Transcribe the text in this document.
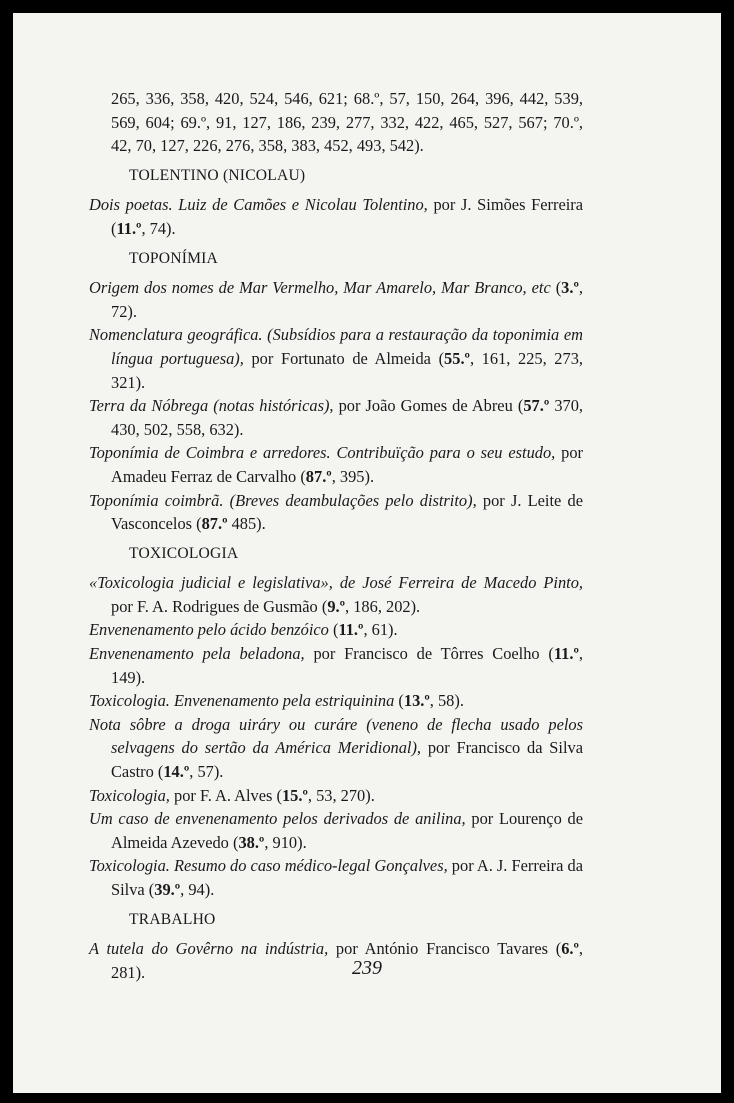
265, 336, 358, 420, 524, 546, 621; 68.º, 57, 150, 264, 396, 442, 539, 569, 604; 69.º, 91, 127, 186, 239, 277, 332, 422, 465, 527, 567; 70.º, 42, 70, 127, 226, 276, 358, 383, 452, 493, 542).

TOLENTINO (NICOLAU)

Dois poetas. Luiz de Camões e Nicolau Tolentino, por J. Simões Ferreira (11.º, 74).

TOPONÍMIA

Origem dos nomes de Mar Vermelho, Mar Amarelo, Mar Branco, etc (3.º, 72).

Nomenclatura geográfica. (Subsídios para a restauração da toponimia em língua portuguesa), por Fortunato de Almeida (55.º, 161, 225, 273, 321).

Terra da Nóbrega (notas históricas), por João Gomes de Abreu (57.º 370, 430, 502, 558, 632).

Toponímia de Coimbra e arredores. Contribuïção para o seu estudo, por Amadeu Ferraz de Carvalho (87.º, 395).

Toponímia coimbrã. (Breves deambulações pelo distrito), por J. Leite de Vasconcelos (87.º 485).

TOXICOLOGIA

«Toxicologia judicial e legislativa», de José Ferreira de Macedo Pinto, por F. A. Rodrigues de Gusmão (9.º, 186, 202).

Envenenamento pelo ácido benzóico (11.º, 61).

Envenenamento pela beladona, por Francisco de Tôrres Coelho (11.º, 149).

Toxicologia. Envenenamento pela estriquinina (13.º, 58).

Nota sôbre a droga uiráry ou curáre (veneno de flecha usado pelos selvagens do sertão da América Meridional), por Francisco da Silva Castro (14.º, 57).

Toxicologia, por F. A. Alves (15.º, 53, 270).

Um caso de envenenamento pelos derivados de anilina, por Lourenço de Almeida Azevedo (38.º, 910).

Toxicologia. Resumo do caso médico-legal Gonçalves, por A. J. Ferreira da Silva (39.º, 94).

TRABALHO

A tutela do Govêrno na indústria, por António Francisco Tavares (6.º, 281).	239
